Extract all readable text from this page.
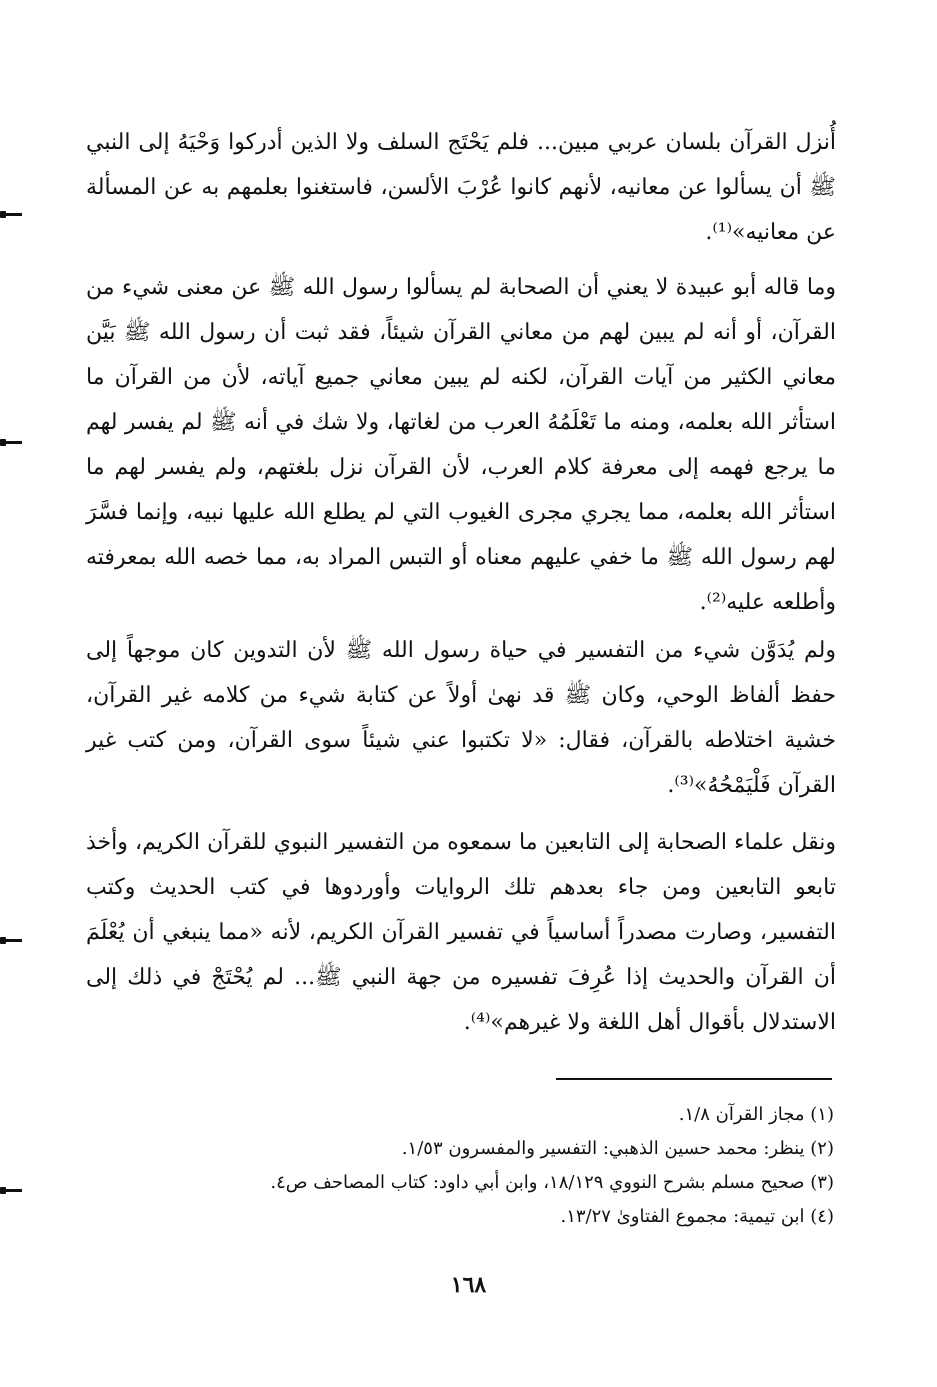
أُنزل القرآن بلسان عربي مبين... فلم يَحْتَج السلف ولا الذين أدركوا وَحْيَهُ إلى النبي ﷺ أن يسألوا عن معانيه، لأنهم كانوا عُرْبَ الألسن، فاستغنوا بعلمهم به عن المسألة عن معانيه»⁽¹⁾.

وما قاله أبو عبيدة لا يعني أن الصحابة لم يسألوا رسول الله ﷺ عن معنى شيء من القرآن، أو أنه لم يبين لهم من معاني القرآن شيئاً، فقد ثبت أن رسول الله ﷺ بَيَّن معاني الكثير من آيات القرآن، لكنه لم يبين معاني جميع آياته، لأن من القرآن ما استأثر الله بعلمه، ومنه ما تَعْلَمُهُ العرب من لغاتها، ولا شك في أنه ﷺ لم يفسر لهم ما يرجع فهمه إلى معرفة كلام العرب، لأن القرآن نزل بلغتهم، ولم يفسر لهم ما استأثر الله بعلمه، مما يجري مجرى الغيوب التي لم يطلع الله عليها نبيه، وإنما فسَّرَ لهم رسول الله ﷺ ما خفي عليهم معناه أو التبس المراد به، مما خصه الله بمعرفته وأطلعه عليه⁽²⁾.

ولم يُدَوَّن شيء من التفسير في حياة رسول الله ﷺ لأن التدوين كان موجهاً إلى حفظ ألفاظ الوحي، وكان ﷺ قد نهىٰ أولاً عن كتابة شيء من كلامه غير القرآن، خشية اختلاطه بالقرآن، فقال: «لا تكتبوا عني شيئاً سوى القرآن، ومن كتب غير القرآن فَلْيَمْحُهُ»⁽³⁾.

ونقل علماء الصحابة إلى التابعين ما سمعوه من التفسير النبوي للقرآن الكريم، وأخذ تابعو التابعين ومن جاء بعدهم تلك الروايات وأوردوها في كتب الحديث وكتب التفسير، وصارت مصدراً أساسياً في تفسير القرآن الكريم، لأنه «مما ينبغي أن يُعْلَمَ أن القرآن والحديث إذا عُرِفَ تفسيره من جهة النبي ﷺ... لم يُحْتَجْ في ذلك إلى الاستدلال بأقوال أهل اللغة ولا غيرهم»⁽⁴⁾.

(١) مجاز القرآن ١/٨.

(٢) ينظر: محمد حسين الذهبي: التفسير والمفسرون ١/٥٣.

(٣) صحيح مسلم بشرح النووي ١٨/١٢٩، وابن أبي داود: كتاب المصاحف ص٤.

(٤) ابن تيمية: مجموع الفتاوىٰ ١٣/٢٧.

١٦٨
